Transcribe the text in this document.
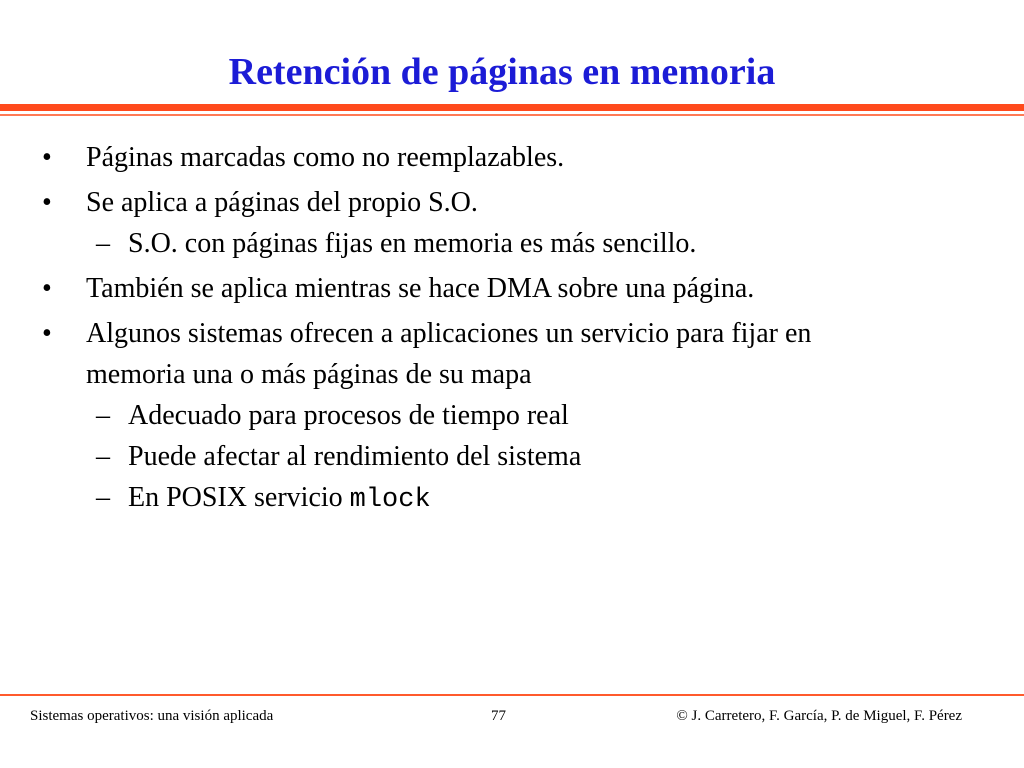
Retención de páginas en memoria
•	Páginas marcadas como no reemplazables.
•	Se aplica a páginas del propio S.O.
– S.O. con páginas fijas en memoria es más sencillo.
•	También se aplica mientras se hace DMA sobre una página.
•	Algunos sistemas ofrecen a aplicaciones un servicio para fijar en
memoria una o más páginas de su mapa
– Adecuado para procesos de tiempo real
– Puede afectar al rendimiento del sistema
– En POSIX servicio mlock
Sistemas operativos: una visión aplicada	77	© J. Carretero, F. García, P. de Miguel, F. Pérez
